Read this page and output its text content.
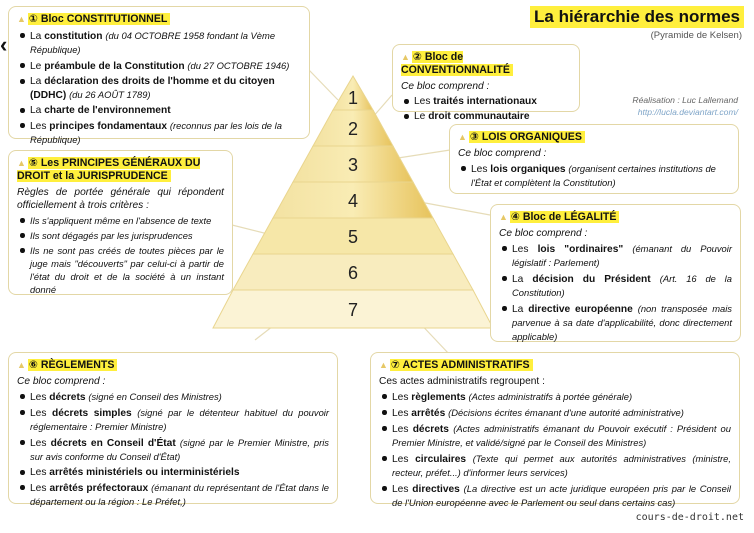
1
2
3
4
5
6
7
‹
La hiérarchie des normes
(Pyramide de Kelsen)
Réalisation : Luc Lallemand
http://lucla.deviantart.com/
▲ ① Bloc CONSTITUTIONNEL
La constitution (du 04 OCTOBRE 1958 fondant la Vème République)
Le préambule de la Constitution (du 27 OCTOBRE 1946)
La déclaration des droits de l'homme et du citoyen (DDHC) (du 26 AOÛT 1789)
La charte de l'environnement
Les principes fondamentaux (reconnus par les lois de la République)
▲ ② Bloc de CONVENTIONNALITÉ
Ce bloc comprend :
Les traités internationaux
Le droit communautaire
▲ ③ LOIS ORGANIQUES
Ce bloc comprend :
Les lois organiques (organisent certaines institutions de l'État et complètent la Constitution)
▲ ④ Bloc de LÉGALITÉ
Ce bloc comprend :
Les lois "ordinaires" (émanant du Pouvoir législatif : Parlement)
La décision du Président (Art. 16 de la Constitution)
La directive européenne (non transposée mais parvenue à sa date d'applicabilité, donc directement applicable)
▲ ⑤ Les PRINCIPES GÉNÉRAUX DU DROIT et la JURISPRUDENCE
Règles de portée générale qui répondent officiellement à trois critères :
Ils s'appliquent même en l'absence de texte
Ils sont dégagés par les jurisprudences
Ils ne sont pas créés de toutes pièces par le juge mais "découverts" par celui-ci à partir de l'état du droit et de la société à un instant donné
▲ ⑥ RÈGLEMENTS
Ce bloc comprend :
Les décrets (signé en Conseil des Ministres)
Les décrets simples (signé par le détenteur habituel du pouvoir réglementaire : Premier Ministre)
Les décrets en Conseil d'État (signé par le Premier Ministre, pris sur avis conforme du Conseil d'État)
Les arrêtés ministériels ou interministériels
Les arrêtés préfectoraux (émanant du représentant de l'État dans le département ou la région : Le Préfet,)
▲ ⑦ ACTES ADMINISTRATIFS
Ces actes administratifs regroupent :
Les règlements (Actes administratifs à portée générale)
Les arrêtés (Décisions écrites émanant d'une autorité administrative)
Les décrets (Actes administratifs émanant du Pouvoir exécutif : Président ou Premier Ministre, et validé/signé par le Conseil des Ministres)
Les circulaires (Texte qui permet aux autorités administratives (ministre, recteur, préfet...) d'informer leurs services)
Les directives (La directive est un acte juridique européen pris par le Conseil de l'Union européenne avec le Parlement ou seul dans certains cas)
cours-de-droit.net
